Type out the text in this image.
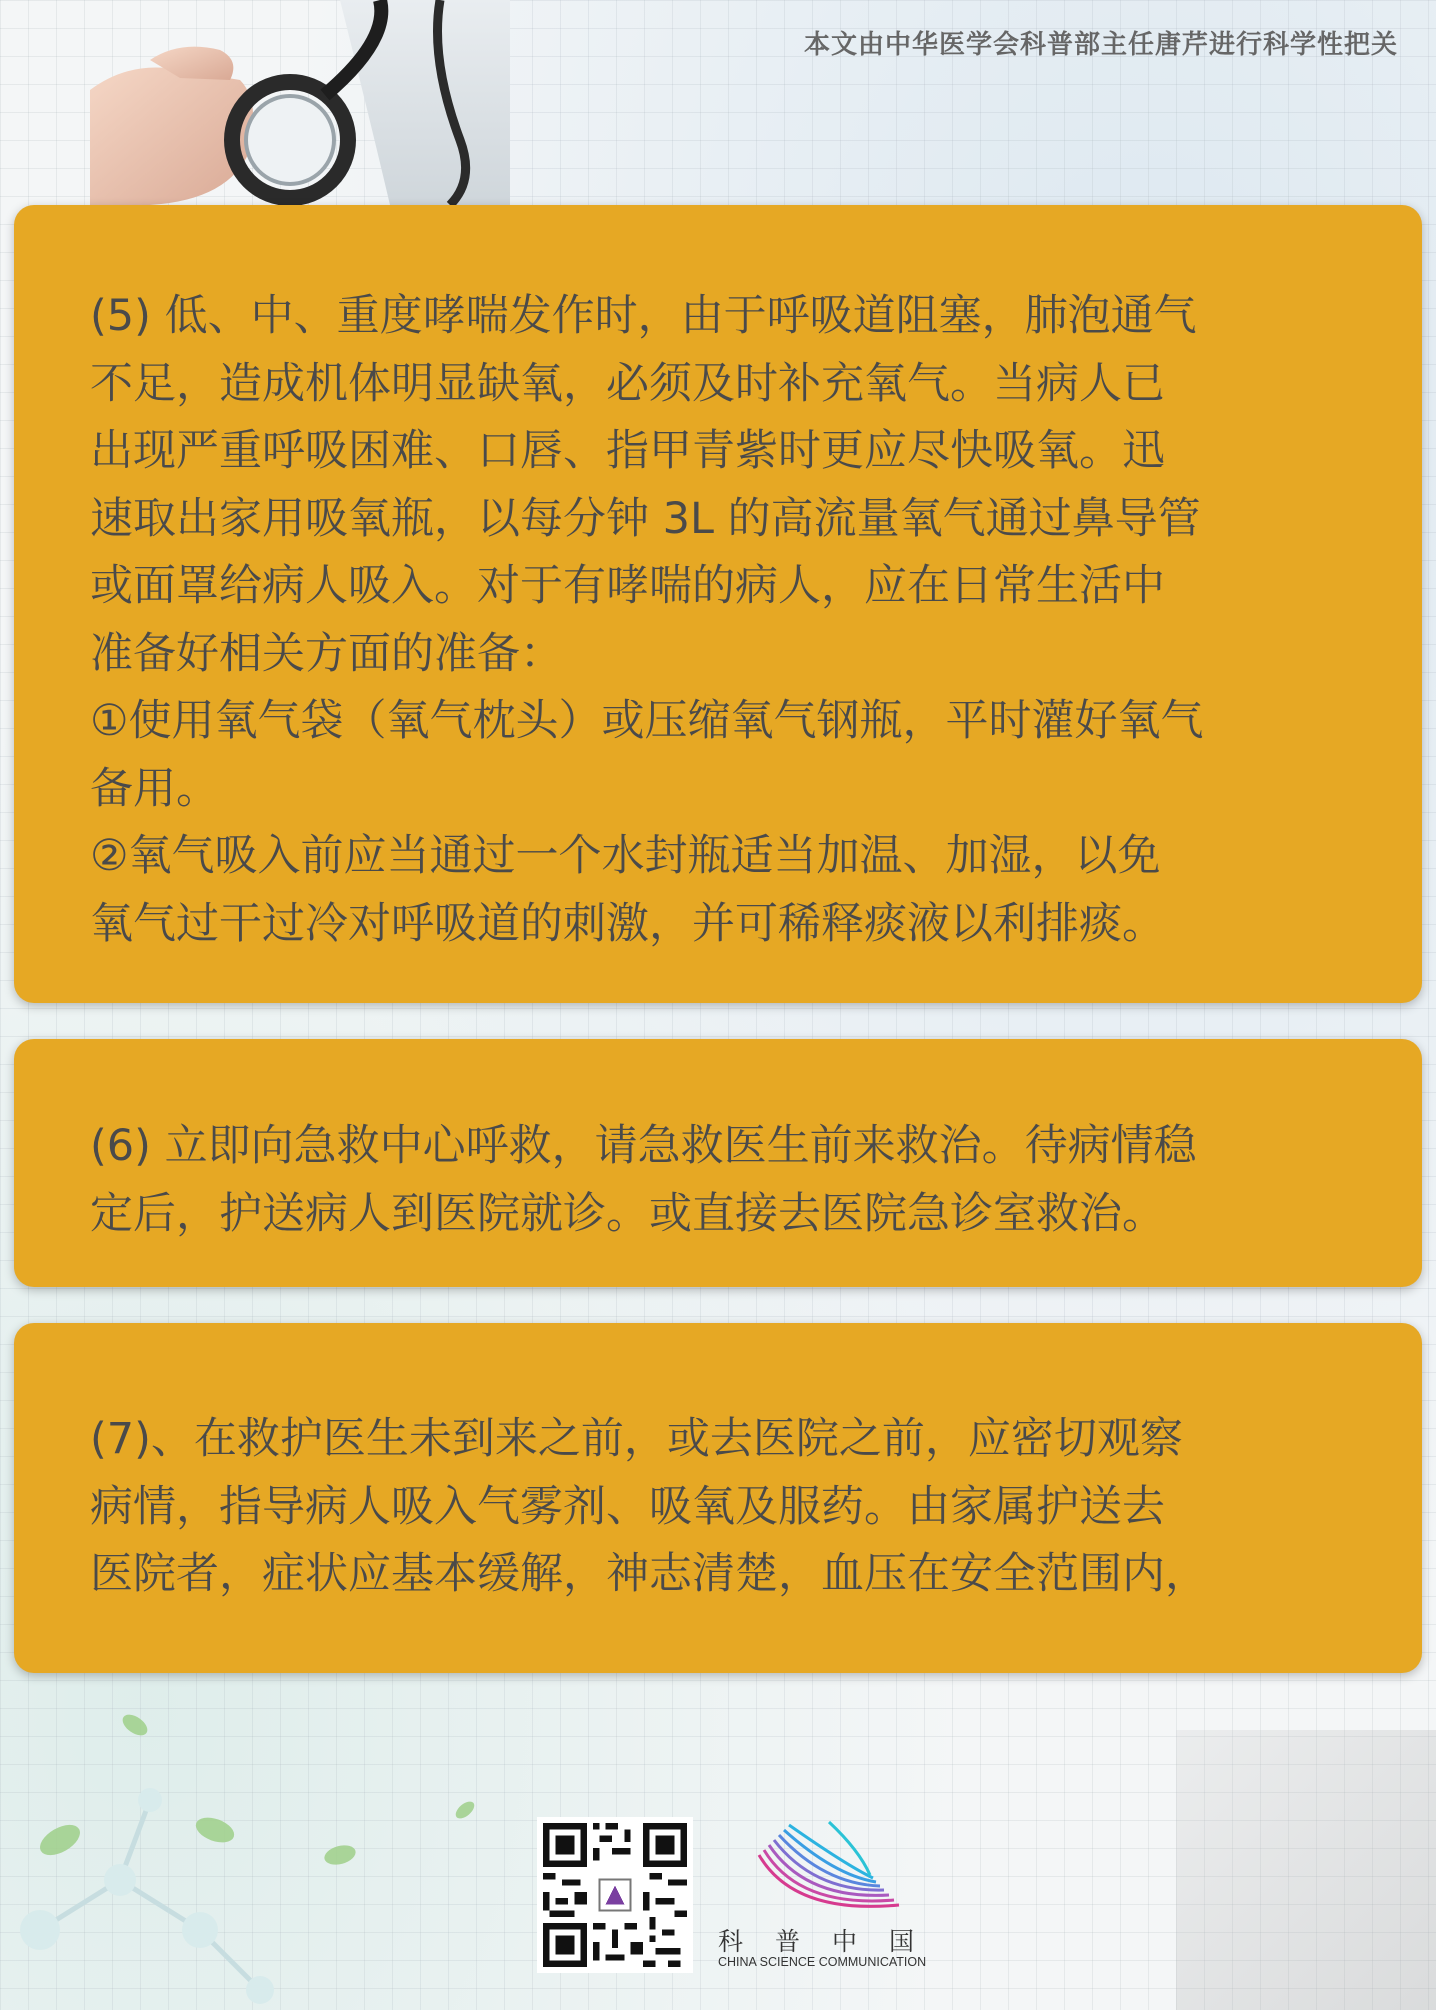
本文由中华医学会科普部主任唐芹进行科学性把关

(5) 低、中、重度哮喘发作时，由于呼吸道阻塞，肺泡通气
不足，造成机体明显缺氧，必须及时补充氧气。当病人已
出现严重呼吸困难、口唇、指甲青紫时更应尽快吸氧。迅
速取出家用吸氧瓶，以每分钟 3L 的高流量氧气通过鼻导管
或面罩给病人吸入。对于有哮喘的病人，应在日常生活中
准备好相关方面的准备：
①使用氧气袋（氧气枕头）或压缩氧气钢瓶，平时灌好氧气
备用。
②氧气吸入前应当通过一个水封瓶适当加温、加湿，以免
氧气过干过冷对呼吸道的刺激，并可稀释痰液以利排痰。

(6) 立即向急救中心呼救，请急救医生前来救治。待病情稳
定后，护送病人到医院就诊。或直接去医院急诊室救治。

(7)、在救护医生未到来之前，或去医院之前，应密切观察
病情，指导病人吸入气雾剂、吸氧及服药。由家属护送去
医院者，症状应基本缓解，神志清楚，血压在安全范围内，

科普中国
CHINA SCIENCE COMMUNICATION
